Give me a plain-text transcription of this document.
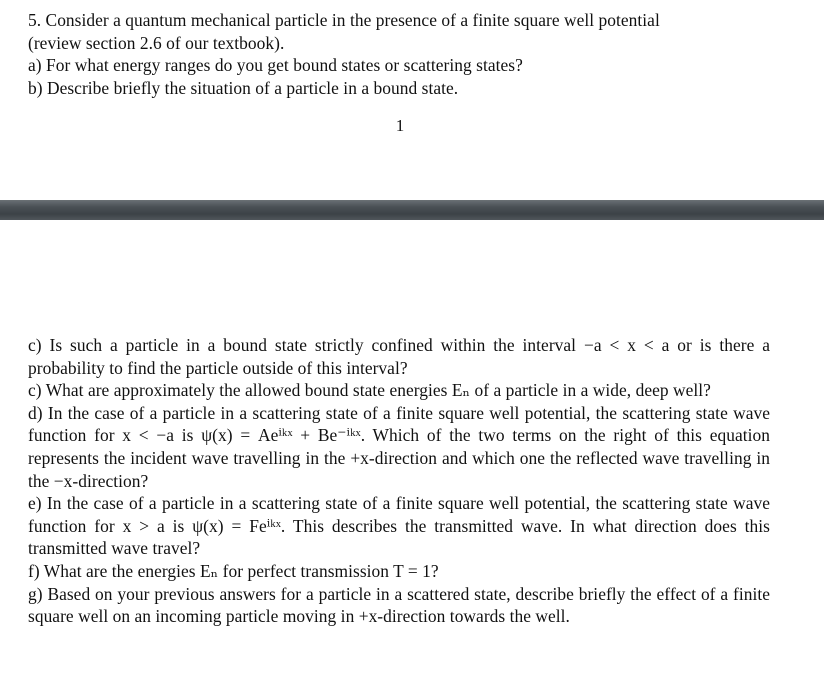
5. Consider a quantum mechanical particle in the presence of a finite square well potential

(review section 2.6 of our textbook).

a) For what energy ranges do you get bound states or scattering states?

b) Describe briefly the situation of a particle in a bound state.

1

c) Is such a particle in a bound state strictly confined within the interval −a < x < a or is there a probability to find the particle outside of this interval?

c) What are approximately the allowed bound state energies Eₙ of a particle in a wide, deep well?

d) In the case of a particle in a scattering state of a finite square well potential, the scattering state wave function for x < −a is ψ(x) = Aeⁱᵏˣ + Be⁻ⁱᵏˣ. Which of the two terms on the right of this equation represents the incident wave travelling in the +x-direction and which one the reflected wave travelling in the −x-direction?

e) In the case of a particle in a scattering state of a finite square well potential, the scattering state wave function for x > a is ψ(x) = Feⁱᵏˣ. This describes the transmitted wave. In what direction does this transmitted wave travel?

f) What are the energies Eₙ for perfect transmission T = 1?

g) Based on your previous answers for a particle in a scattered state, describe briefly the effect of a finite square well on an incoming particle moving in +x-direction towards the well.
